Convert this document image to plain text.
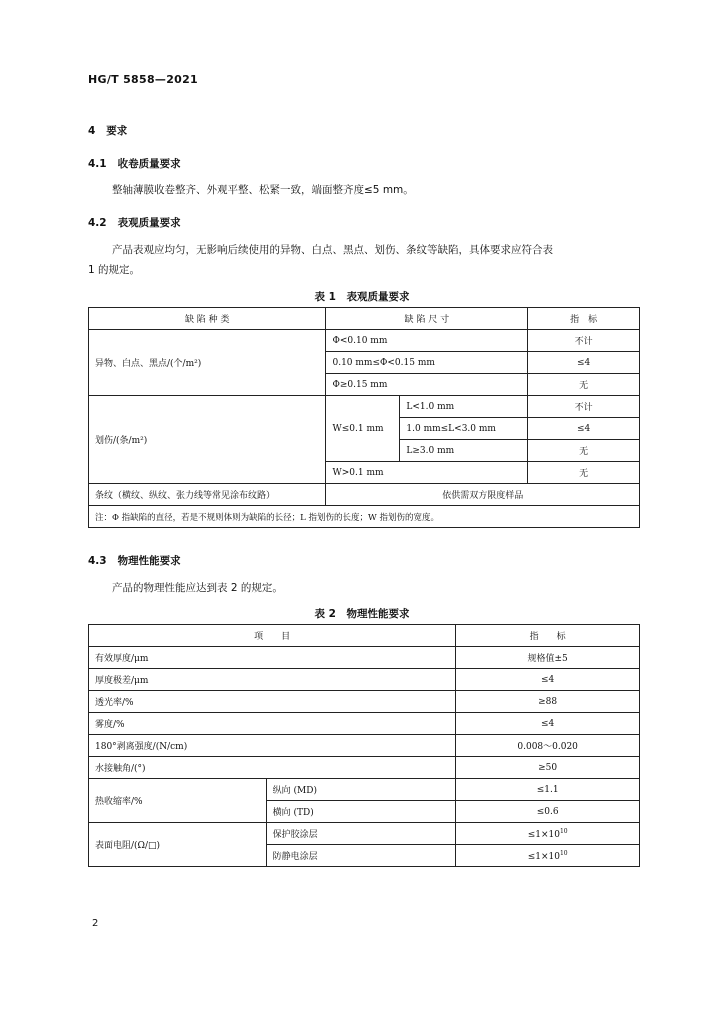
HG/T 5858—2021
4 要求
4.1 收卷质量要求
整轴薄膜收卷整齐、外观平整、松紧一致，端面整齐度≤5 mm。
4.2 表观质量要求
产品表观应均匀，无影响后续使用的异物、白点、黑点、划伤、条纹等缺陷，具体要求应符合表
1 的规定。
表 1　表观质量要求
缺 陷 种 类	缺 陷 尺 寸		指　标
异物、白点、黑点/(个/m²)	Φ<0.10 mm		不计
	0.10 mm≤Φ<0.15 mm		≤4
	Φ≥0.15 mm		无
划伤/(条/m²)	W≤0.1 mm	L<1.0 mm	不计
		1.0 mm≤L<3.0 mm	≤4
		L≥3.0 mm	无
	W>0.1 mm		无
条纹（横纹、纵纹、张力线等常见涂布纹路）	依供需双方限度样品		
注：Φ 指缺陷的直径，若是不规则体则为缺陷的长径；L 指划伤的长度；W 指划伤的宽度。			
4.3 物理性能要求
产品的物理性能应达到表 2 的规定。
表 2　物理性能要求
项　　目		指　　标
有效厚度/μm		规格值±5
厚度极差/μm		≤4
透光率/%		≥88
雾度/%		≤4
180°剥离强度/(N/cm)		0.008～0.020
水接触角/(°)		≥50
热收缩率/%	纵向 (MD)	≤1.1
	横向 (TD)	≤0.6
表面电阻/(Ω/□)	保护胶涂层	$\le 1\times 10^{10}$
	防静电涂层	$\le 1\times 10^{10}$
2
